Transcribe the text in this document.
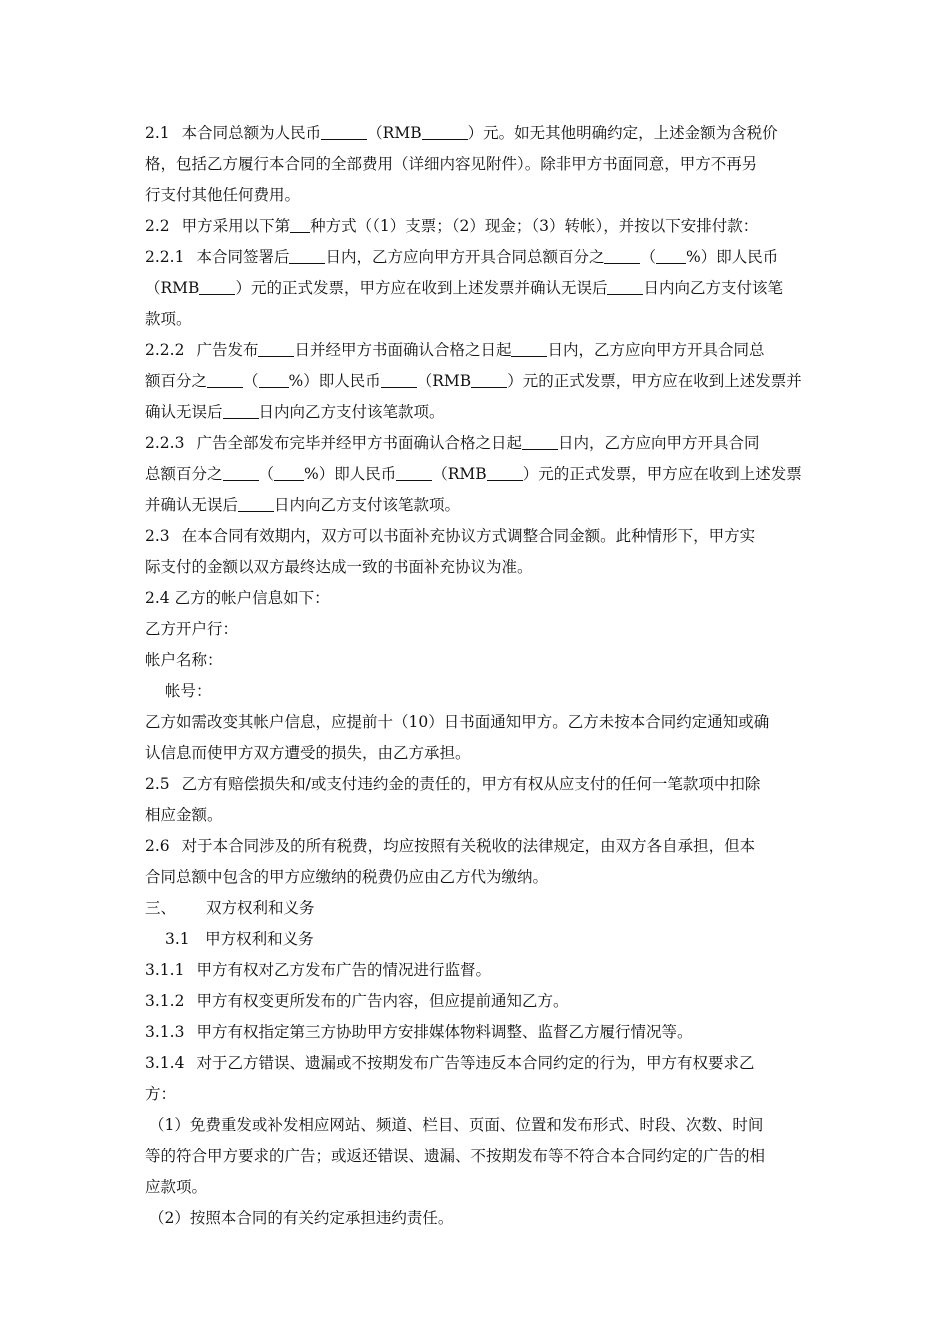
2.1 本合同总额为人民币	（RMB	）元。如无其他明确约定，上述金额为含税价
格，包括乙方履行本合同的全部费用（详细内容见附件）。除非甲方书面同意，甲方不再另
行支付其他任何费用。
2.2 甲方采用以下第 种方式（（1）支票；（2）现金；（3）转帐），并按以下安排付款：
2.2.1 本合同签署后 日内，乙方应向甲方开具合同总额百分之 （ %）即人民币
（RMB ）元的正式发票，甲方应在收到上述发票并确认无误后 日内向乙方支付该笔
款项。
2.2.2 广告发布 日并经甲方书面确认合格之日起 日内，乙方应向甲方开具合同总
额百分之 （ %）即人民币 （RMB ）元的正式发票，甲方应在收到上述发票并
确认无误后 日内向乙方支付该笔款项。
2.2.3 广告全部发布完毕并经甲方书面确认合格之日起 日内，乙方应向甲方开具合同
总额百分之 （ %）即人民币 （RMB ）元的正式发票，甲方应在收到上述发票
并确认无误后 日内向乙方支付该笔款项。
2.3 在本合同有效期内，双方可以书面补充协议方式调整合同金额。此种情形下，甲方实
际支付的金额以双方最终达成一致的书面补充协议为准。
2.4 乙方的帐户信息如下：
乙方开户行：
帐户名称：
帐号：
乙方如需改变其帐户信息，应提前十（10）日书面通知甲方。乙方未按本合同约定通知或确
认信息而使甲方双方遭受的损失，由乙方承担。
2.5 乙方有赔偿损失和/或支付违约金的责任的，甲方有权从应支付的任何一笔款项中扣除
相应金额。
2.6 对于本合同涉及的所有税费，均应按照有关税收的法律规定，由双方各自承担，但本
合同总额中包含的甲方应缴纳的税费仍应由乙方代为缴纳。
三、 双方权利和义务
3.1　甲方权利和义务
3.1.1 甲方有权对乙方发布广告的情况进行监督。
3.1.2 甲方有权变更所发布的广告内容，但应提前通知乙方。
3.1.3 甲方有权指定第三方协助甲方安排媒体物料调整、监督乙方履行情况等。
3.1.4 对于乙方错误、遗漏或不按期发布广告等违反本合同约定的行为，甲方有权要求乙
方：
（1）免费重发或补发相应网站、频道、栏目、页面、位置和发布形式、时段、次数、时间
等的符合甲方要求的广告；或返还错误、遗漏、不按期发布等不符合本合同约定的广告的相
应款项。
（2）按照本合同的有关约定承担违约责任。
